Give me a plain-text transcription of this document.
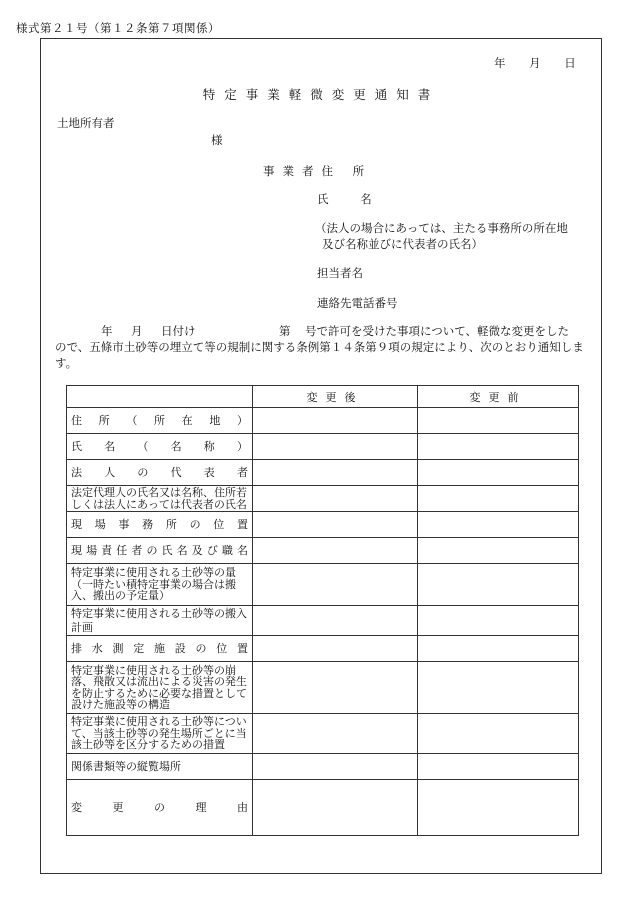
様式第２１号（第１２条第７項関係）
年 月 日
特定事業軽微変更通知書
土地所有者
様
事業者住 所
氏 名
（法人の場合にあっては、主たる事務所の所在地
及び名称並びに代表者の氏名）
担当者名
連絡先電話番号
年 月 日付け	第 号で許可を受けた事項について、軽微な変更をした
ので、五條市土砂等の埋立て等の規制に関する条例第１４条第９項の規定により、次のとおり通知しま
す。
	変更後	変更前
住所（所在地）		
氏名（名称）		
法人の代表者		
法定代理人の氏名又は名称、住所若しくは法人にあっては代表者の氏名		
現場事務所の位置		
現場責任者の氏名及び職名		
特定事業に使用される土砂等の量（一時たい積特定事業の場合は搬入、搬出の予定量）		
特定事業に使用される土砂等の搬入計画		
排水測定施設の位置		
特定事業に使用される土砂等の崩落、飛散又は流出による災害の発生を防止するために必要な措置として設けた施設等の構造		
特定事業に使用される土砂等について、当該土砂等の発生場所ごとに当該土砂等を区分するための措置		
関係書類等の縦覧場所		
変更の理由		
